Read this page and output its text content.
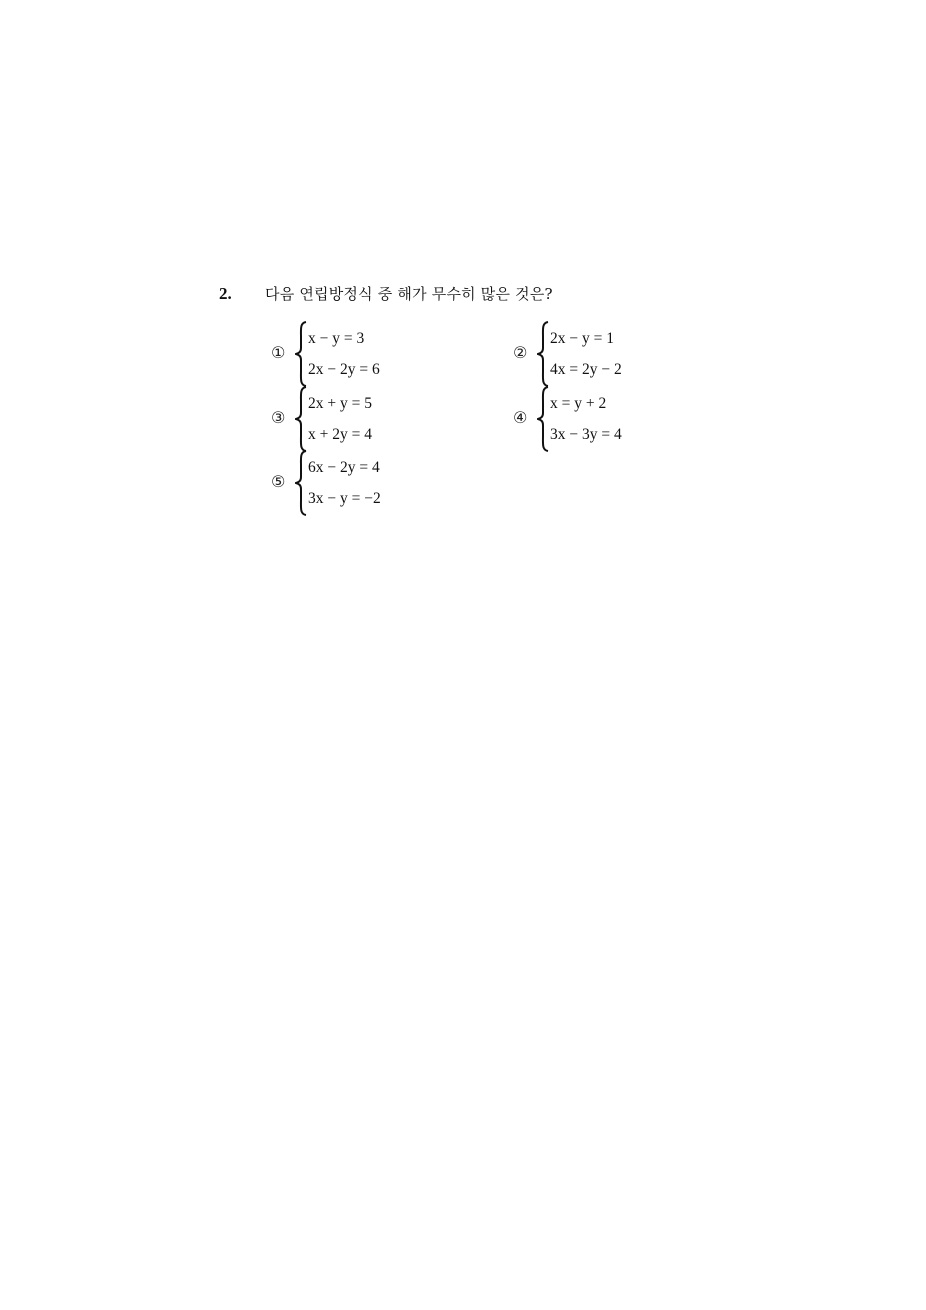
2. 다음 연립방정식 중 해가 무수히 많은 것은?
①
x − y = 3
2x − 2y = 6
②
2x − y = 1
4x = 2y − 2
③
2x + y = 5
x + 2y = 4
④
x = y + 2
3x − 3y = 4
⑤
6x − 2y = 4
3x − y = −2
